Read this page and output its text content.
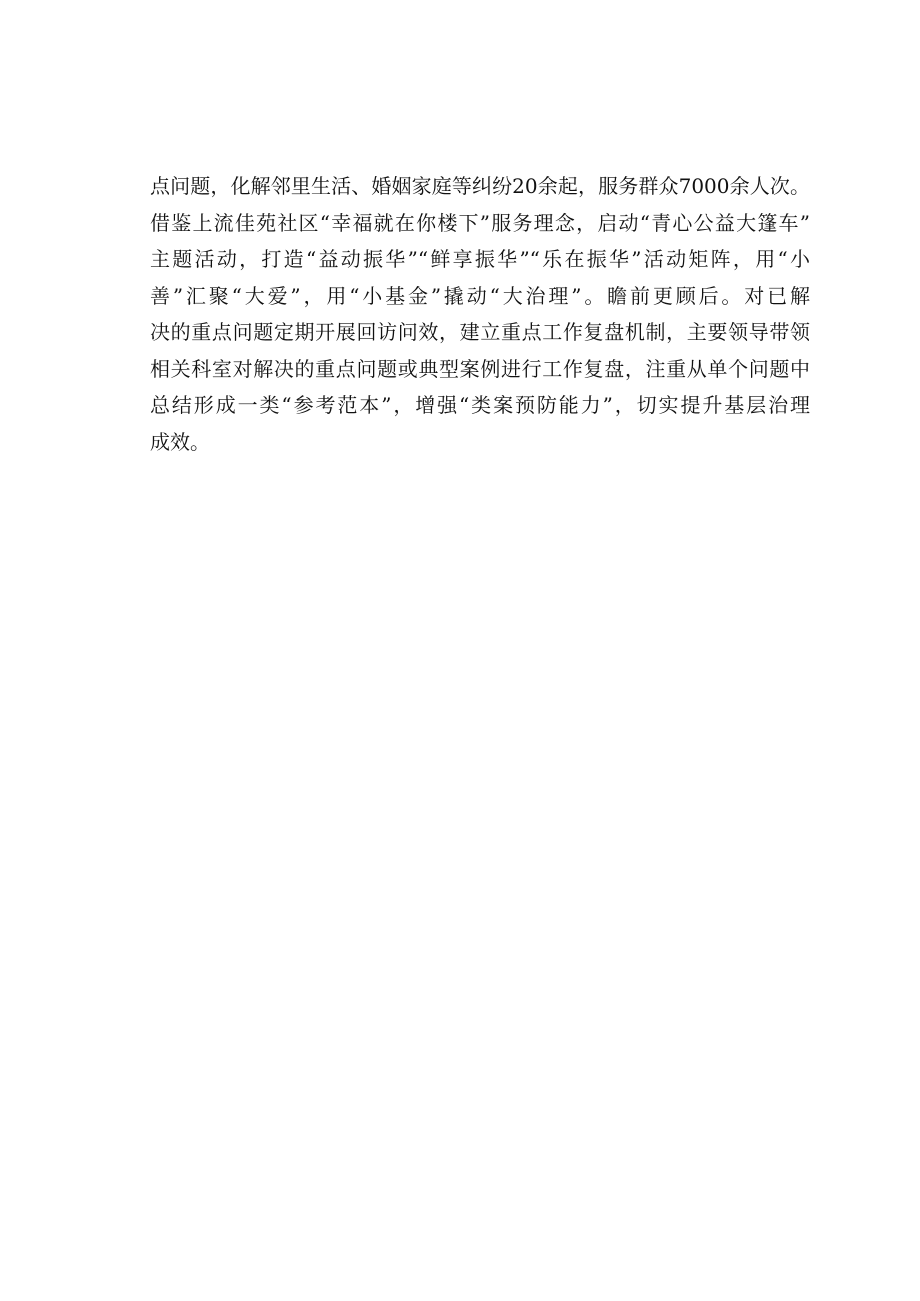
点问题，化解邻里生活、婚姻家庭等纠纷20余起，服务群众7000余人次。
借鉴上流佳苑社区“幸福就在你楼下”服务理念，启动“青心公益大篷车”
主题活动，打造“益动振华”“鲜享振华”“乐在振华”活动矩阵，用“小
善”汇聚“大爱”，用“小基金”撬动“大治理”。瞻前更顾后。对已解
决的重点问题定期开展回访问效，建立重点工作复盘机制，主要领导带领
相关科室对解决的重点问题或典型案例进行工作复盘，注重从单个问题中
总结形成一类“参考范本”，增强“类案预防能力”，切实提升基层治理
成效。
